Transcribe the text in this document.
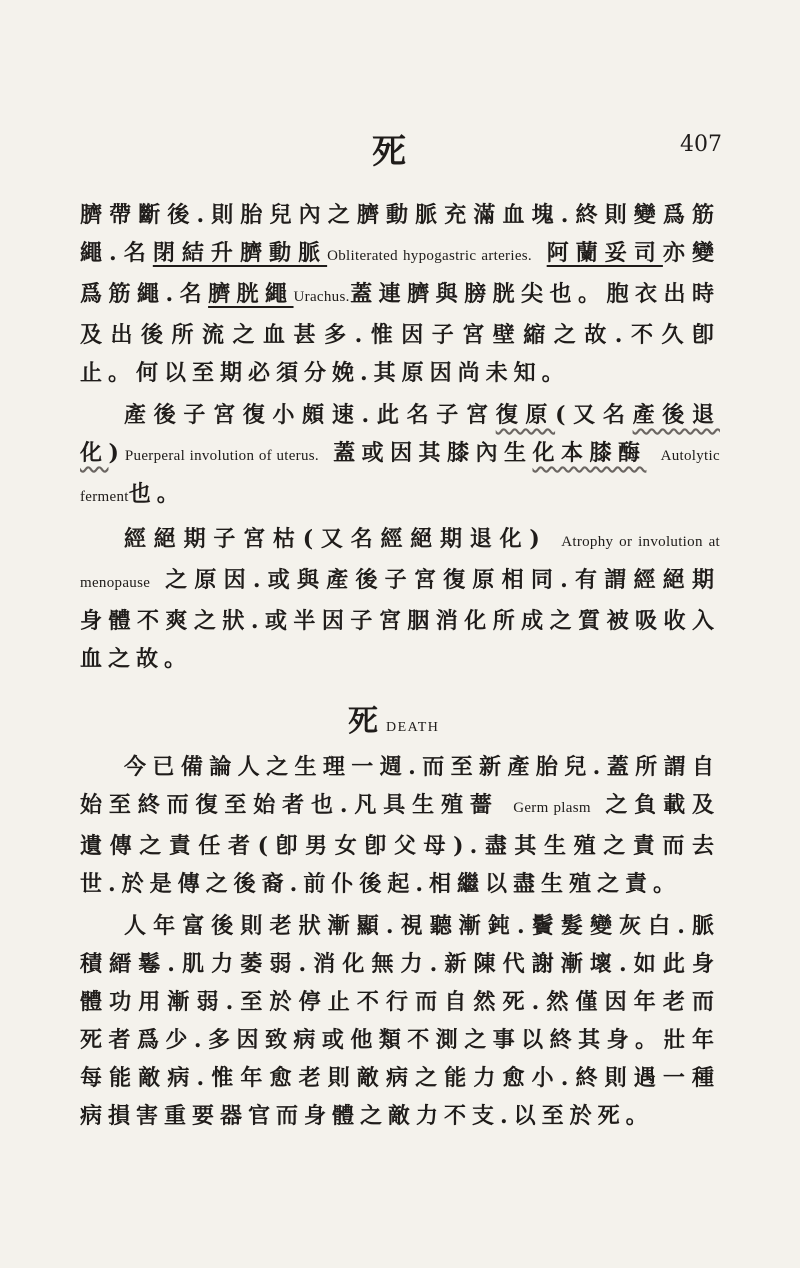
死	407

臍帶斷後.則胎兒內之臍動脈充滿血塊.終則變爲筋繩.名閉結升臍動脈Obliterated hypogastric arteries. 阿蘭妥司亦變爲筋繩.名臍胱繩Urachus.蓋連臍與膀胱尖也。胞衣出時及出後所流之血甚多.惟因子宮壁縮之故.不久卽止。何以至期必須分娩.其原因尚未知。

產後子宮復小頗速.此名子宮復原(又名產後退化)Puerperal involution of uterus. 蓋或因其膝內生化本膝酶 Autolytic ferment也。

經絕期子宮枯(又名經絕期退化) Atrophy or involution at menopause 之原因.或與產後子宮復原相同.有謂經絕期身體不爽之狀.或半因子宮胭消化所成之質被吸收入血之故。

死DEATH

今已備論人之生理一週.而至新產胎兒.蓋所謂自始至終而復至始者也.凡具生殖薔 Germ plasm 之負載及遺傳之責任者(卽男女卽父母).盡其生殖之責而去世.於是傳之後裔.前仆後起.相繼以盡生殖之責。

人年富後則老狀漸顯.視聽漸鈍.鬢髮變灰白.脈積縉鬈.肌力萎弱.消化無力.新陳代謝漸壞.如此身體功用漸弱.至於停止不行而自然死.然僅因年老而死者爲少.多因致病或他類不測之事以終其身。壯年每能敵病.惟年愈老則敵病之能力愈小.終則遇一種病損害重要器官而身體之敵力不支.以至於死。
